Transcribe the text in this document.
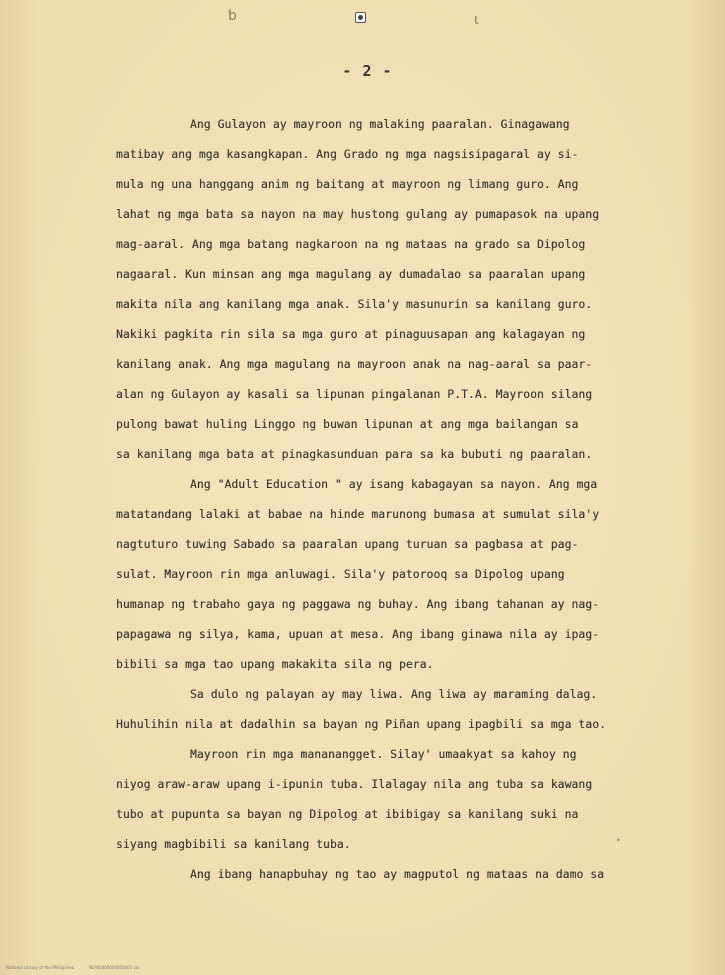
ƅ	ɩ
- 2 -
Ang Gulayon ay mayroon ng malaking paaralan. Ginagawang
matibay ang mga kasangkapan. Ang Grado ng mga nagsisipagaral ay si-
mula ng una hanggang anim ng baitang at mayroon ng limang guro. Ang
lahat ng mga bata sa nayon na may hustong gulang ay pumapasok na upang
mag-aaral. Ang mga batang nagkaroon na ng mataas na grado sa Dipolog
nagaaral. Kun minsan ang mga magulang ay dumadalao sa paaralan upang
makita nila ang kanilang mga anak. Sila'y masunurin sa kanilang guro.
Nakiki pagkita rin sila sa mga guro at pinaguusapan ang kalagayan ng
kanilang anak. Ang mga magulang na mayroon anak na nag-aaral sa paar-
alan ng Gulayon ay kasali sa lipunan pingalanan P.T.A. Mayroon silang
pulong bawat huling Linggo ng buwan lipunan at ang mga bailangan sa
sa kanilang mga bata at pinagkasunduan para sa ka bubuti ng paaralan.
Ang "Adult Education " ay isang kabagayan sa nayon. Ang mga
matatandang lalaki at babae na hinde marunong bumasa at sumulat sila'y
nagtuturo tuwing Sabado sa paaralan upang turuan sa pagbasa at pag-
sulat. Mayroon rin mga anluwagi. Sila'y patorooq sa Dipolog upang
humanap ng trabaho gaya ng paggawa ng buhay. Ang ibang tahanan ay nag-
papagawa ng silya, kama, upuan at mesa. Ang ibang ginawa nila ay ipag-
bibili sa mga tao upang makakita sila ng pera.
Sa dulo ng palayan ay may liwa. Ang liwa ay maraming dalag.
Huhulihin nila at dadalhin sa bayan ng Piñan upang ipagbili sa mga tao.
Mayroon rin mga mananangget. Silay' umaakyat sa kahoy ng
niyog araw-araw upang i-ipunin tuba. Ilalagay nila ang tuba sa kawang
tubo at pupunta sa bayan ng Dipolog at ibibigay sa kanilang suki na
siyang magbibili sa kanilang tuba.
Ang ibang hanapbuhay ng tao ay magputol ng mataas na damo sa
•
National Library of the Philippines	NLP00000000000001 (a)
